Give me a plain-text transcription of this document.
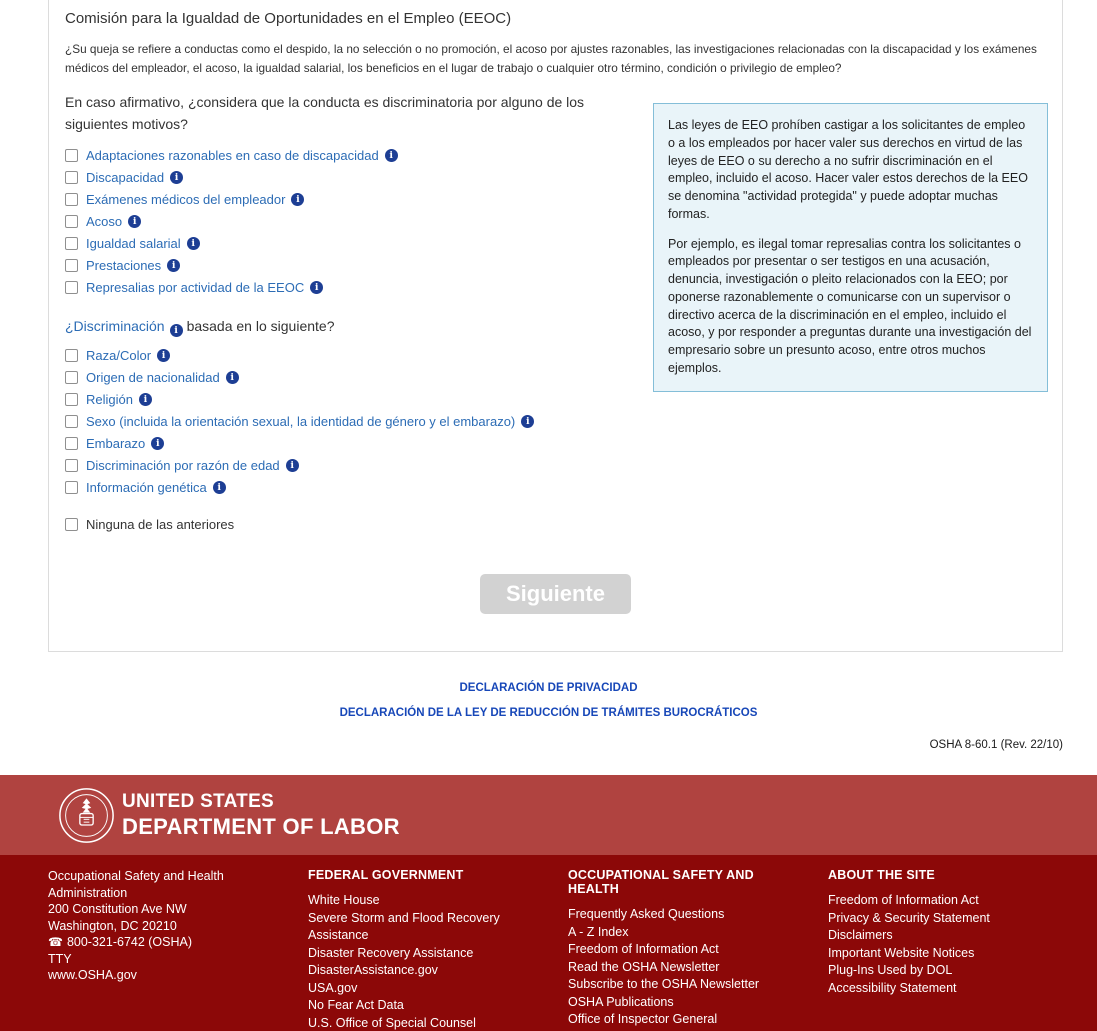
Comisión para la Igualdad de Oportunidades en el Empleo (EEOC)
¿Su queja se refiere a conductas como el despido, la no selección o no promoción, el acoso por ajustes razonables, las investigaciones relacionadas con la discapacidad y los exámenes médicos del empleador, el acoso, la igualdad salarial, los beneficios en el lugar de trabajo o cualquier otro término, condición o privilegio de empleo?
En caso afirmativo, ¿considera que la conducta es discriminatoria por alguno de los siguientes motivos?
Adaptaciones razonables en caso de discapacidad
i
Discapacidad
i
Exámenes médicos del empleador
i
Acoso
i
Igualdad salarial
i
Prestaciones
i
Represalias por actividad de la EEOC
i
¿Discriminación i basada en lo siguiente?
Raza/Color
i
Origen de nacionalidad
i
Religión
i
Sexo (incluida la orientación sexual, la identidad de género y el embarazo)
i
Embarazo
i
Discriminación por razón de edad
i
Información genética
i
Ninguna de las anteriores

Las leyes de EEO prohíben castigar a los solicitantes de empleo o a los empleados por hacer valer sus derechos en virtud de las leyes de EEO o su derecho a no sufrir discriminación en el empleo, incluido el acoso. Hacer valer estos derechos de la EEO se denomina "actividad protegida" y puede adoptar muchas formas.

Por ejemplo, es ilegal tomar represalias contra los solicitantes o empleados por presentar o ser testigos en una acusación, denuncia, investigación o pleito relacionados con la EEO; por oponerse razonablemente o comunicarse con un supervisor o directivo acerca de la discriminación en el empleo, incluido el acoso, y por responder a preguntas durante una investigación del empresario sobre un presunto acoso, entre otros muchos ejemplos.

Siguiente
DECLARACIÓN DE PRIVACIDAD
DECLARACIÓN DE LA LEY DE REDUCCIÓN DE TRÁMITES BUROCRÁTICOS
OSHA 8-60.1 (Rev. 22/10)
UNITED STATES
DEPARTMENT OF LABOR
Occupational Safety and Health Administration
200 Constitution Ave NW
Washington, DC 20210
☎ 800-321-6742 (OSHA)
TTY
www.OSHA.gov
FEDERAL GOVERNMENT
White House
Severe Storm and Flood Recovery Assistance
Disaster Recovery Assistance
DisasterAssistance.gov
USA.gov
No Fear Act Data
U.S. Office of Special Counsel
OCCUPATIONAL SAFETY AND HEALTH
Frequently Asked Questions
A - Z Index
Freedom of Information Act
Read the OSHA Newsletter
Subscribe to the OSHA Newsletter
OSHA Publications
Office of Inspector General
ABOUT THE SITE
Freedom of Information Act
Privacy & Security Statement
Disclaimers
Important Website Notices
Plug-Ins Used by DOL
Accessibility Statement
